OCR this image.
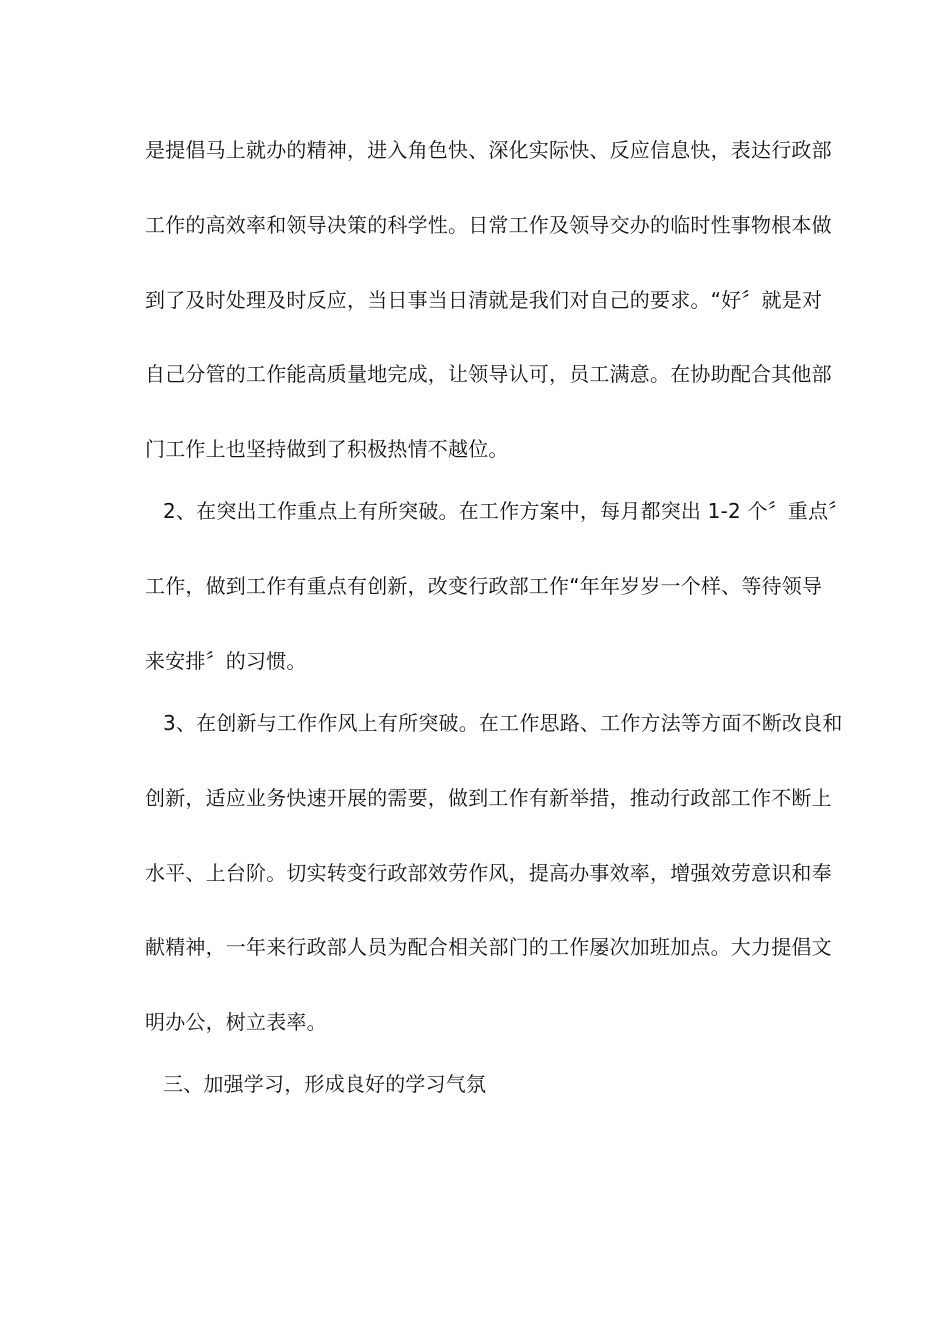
是提倡马上就办的精神，进入角色快、深化实际快、反应信息快，表达行政部
工作的高效率和领导决策的科学性。日常工作及领导交办的临时性事物根本做
到了及时处理及时反应，当日事当日清就是我们对自己的要求。“好〞就是对
自己分管的工作能高质量地完成，让领导认可，员工满意。在协助配合其他部
门工作上也坚持做到了积极热情不越位。
2、在突出工作重点上有所突破。在工作方案中，每月都突出 1-2 个〞重点〞
工作，做到工作有重点有创新，改变行政部工作“年年岁岁一个样、等待领导
来安排〞的习惯。
3、在创新与工作作风上有所突破。在工作思路、工作方法等方面不断改良和
创新，适应业务快速开展的需要，做到工作有新举措，推动行政部工作不断上
水平、上台阶。切实转变行政部效劳作风，提高办事效率，增强效劳意识和奉
献精神，一年来行政部人员为配合相关部门的工作屡次加班加点。大力提倡文
明办公，树立表率。
三、加强学习，形成良好的学习气氛
